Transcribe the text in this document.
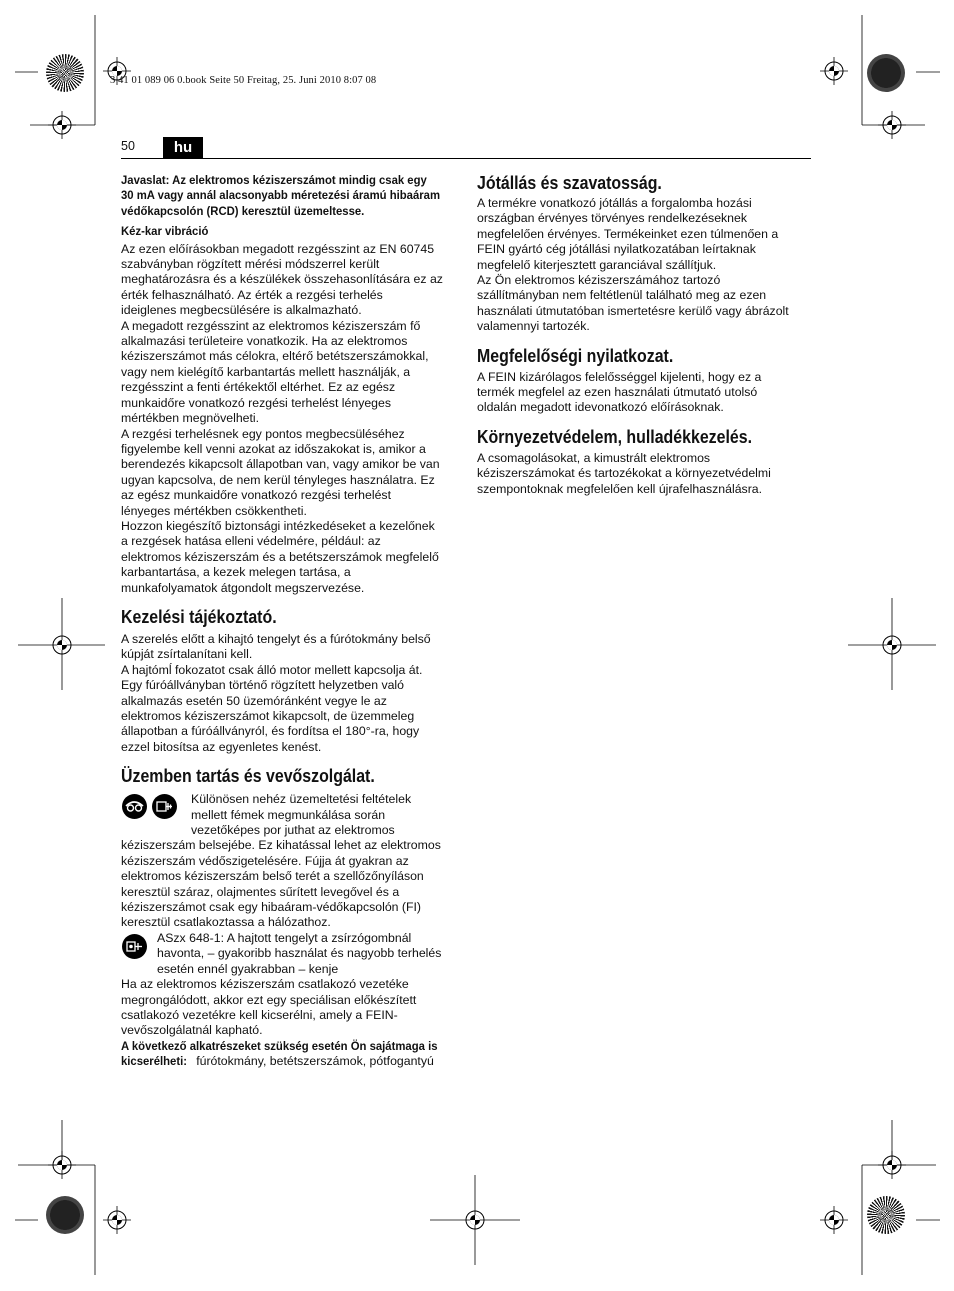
3 41 01 089 06 0.book Seite 50 Freitag, 25. Juni 2010 8:07 08
50	hu
Javaslat: Az elektromos kéziszerszámot mindig csak egy
30 mA vagy annál alacsonyabb méretezési áramú hibaáram
védőkapcsolón (RCD) keresztül üzemeltesse.
Kéz-kar vibráció

Az ezen előírásokban megadott rezgésszint az EN 60745

szabványban rögzített mérési módszerrel került

meghatározásra és a készülékek összehasonlítására ez az

érték felhasználható. Az érték a rezgési terhelés

ideiglenes megbecsülésére is alkalmazható.

A megadott rezgésszint az elektromos kéziszerszám fő

alkalmazási területeire vonatkozik. Ha az elektromos

kéziszerszámot más célokra, eltérő betétszerszámokkal,

vagy nem kielégítő karbantartás mellett használják, a

rezgésszint a fenti értékektől eltérhet. Ez az egész

munkaidőre vonatkozó rezgési terhelést lényeges

mértékben megnövelheti.

A rezgési terhelésnek egy pontos megbecsüléséhez

figyelembe kell venni azokat az időszakokat is, amikor a

berendezés kikapcsolt állapotban van, vagy amikor be van

ugyan kapcsolva, de nem kerül tényleges használatra. Ez

az egész munkaidőre vonatkozó rezgési terhelést

lényeges mértékben csökkentheti.

Hozzon kiegészítő biztonsági intézkedéseket a kezelőnek

a rezgések hatása elleni védelmére, például: az

elektromos kéziszerszám és a betétszerszámok megfelelő

karbantartása, a kezek melegen tartása, a

munkafolyamatok átgondolt megszervezése.

Kezelési tájékoztató.

A szerelés előtt a kihajtó tengelyt és a fúrótokmány belső

kúpját zsírtalanítani kell.

A hajtómĺ fokozatot csak álló motor mellett kapcsolja át.

Egy fúróállványban történő rögzített helyzetben való

alkalmazás esetén 50 üzemóránként vegye le az

elektromos kéziszerszámot kikapcsolt, de üzemmeleg

állapotban a fúróállványról, és fordítsa el 180°-ra, hogy

ezzel bitosítsa az egyenletes kenést.

Üzemben tartás és vevőszolgálat.

Különösen nehéz üzemeltetési feltételek

mellett fémek megmunkálása során

vezetőképes por juthat az elektromos

kéziszerszám belsejébe. Ez kihatással lehet az elektromos

kéziszerszám védőszigetelésére. Fújja át gyakran az

elektromos kéziszerszám belső terét a szellőzőnyíláson

keresztül száraz, olajmentes sűrített levegővel és a

kéziszerszámot csak egy hibaáram-védőkapcsolón (FI)

keresztül csatlakoztassa a hálózathoz.

ASzx 648-1: A hajtott tengelyt a zsírzógombnál

havonta, – gyakoribb használat és nagyobb terhelés

esetén ennél gyakrabban – kenje

Ha az elektromos kéziszerszám csatlakozó vezetéke

megrongálódott, akkor ezt egy speciálisan előkészített

csatlakozó vezetékre kell kicserélni, amely a FEIN-

vevőszolgálatnál kapható.

A következő alkatrészeket szükség esetén Ön sajátmaga is

kicserélheti: fúrótokmány, betétszerszámok, pótfogantyú

Jótállás és szavatosság.

A termékre vonatkozó jótállás a forgalomba hozási

országban érvényes törvényes rendelkezéseknek

megfelelően érvényes. Termékeinket ezen túlmenően a

FEIN gyártó cég jótállási nyilatkozatában leírtaknak

megfelelő kiterjesztett garanciával szállítjuk.

Az Ön elektromos kéziszerszámához tartozó

szállítmányban nem feltétlenül található meg az ezen

használati útmutatóban ismertetésre kerülő vagy ábrázolt

valamennyi tartozék.

Megfelelőségi nyilatkozat.

A FEIN kizárólagos felelősséggel kijelenti, hogy ez a

termék megfelel az ezen használati útmutató utolsó

oldalán megadott idevonatkozó előírásoknak.

Környezetvédelem, hulladékkezelés.

A csomagolásokat, a kimustrált elektromos

kéziszerszámokat és tartozékokat a környezetvédelmi

szempontoknak megfelelően kell újrafelhasználásra.
